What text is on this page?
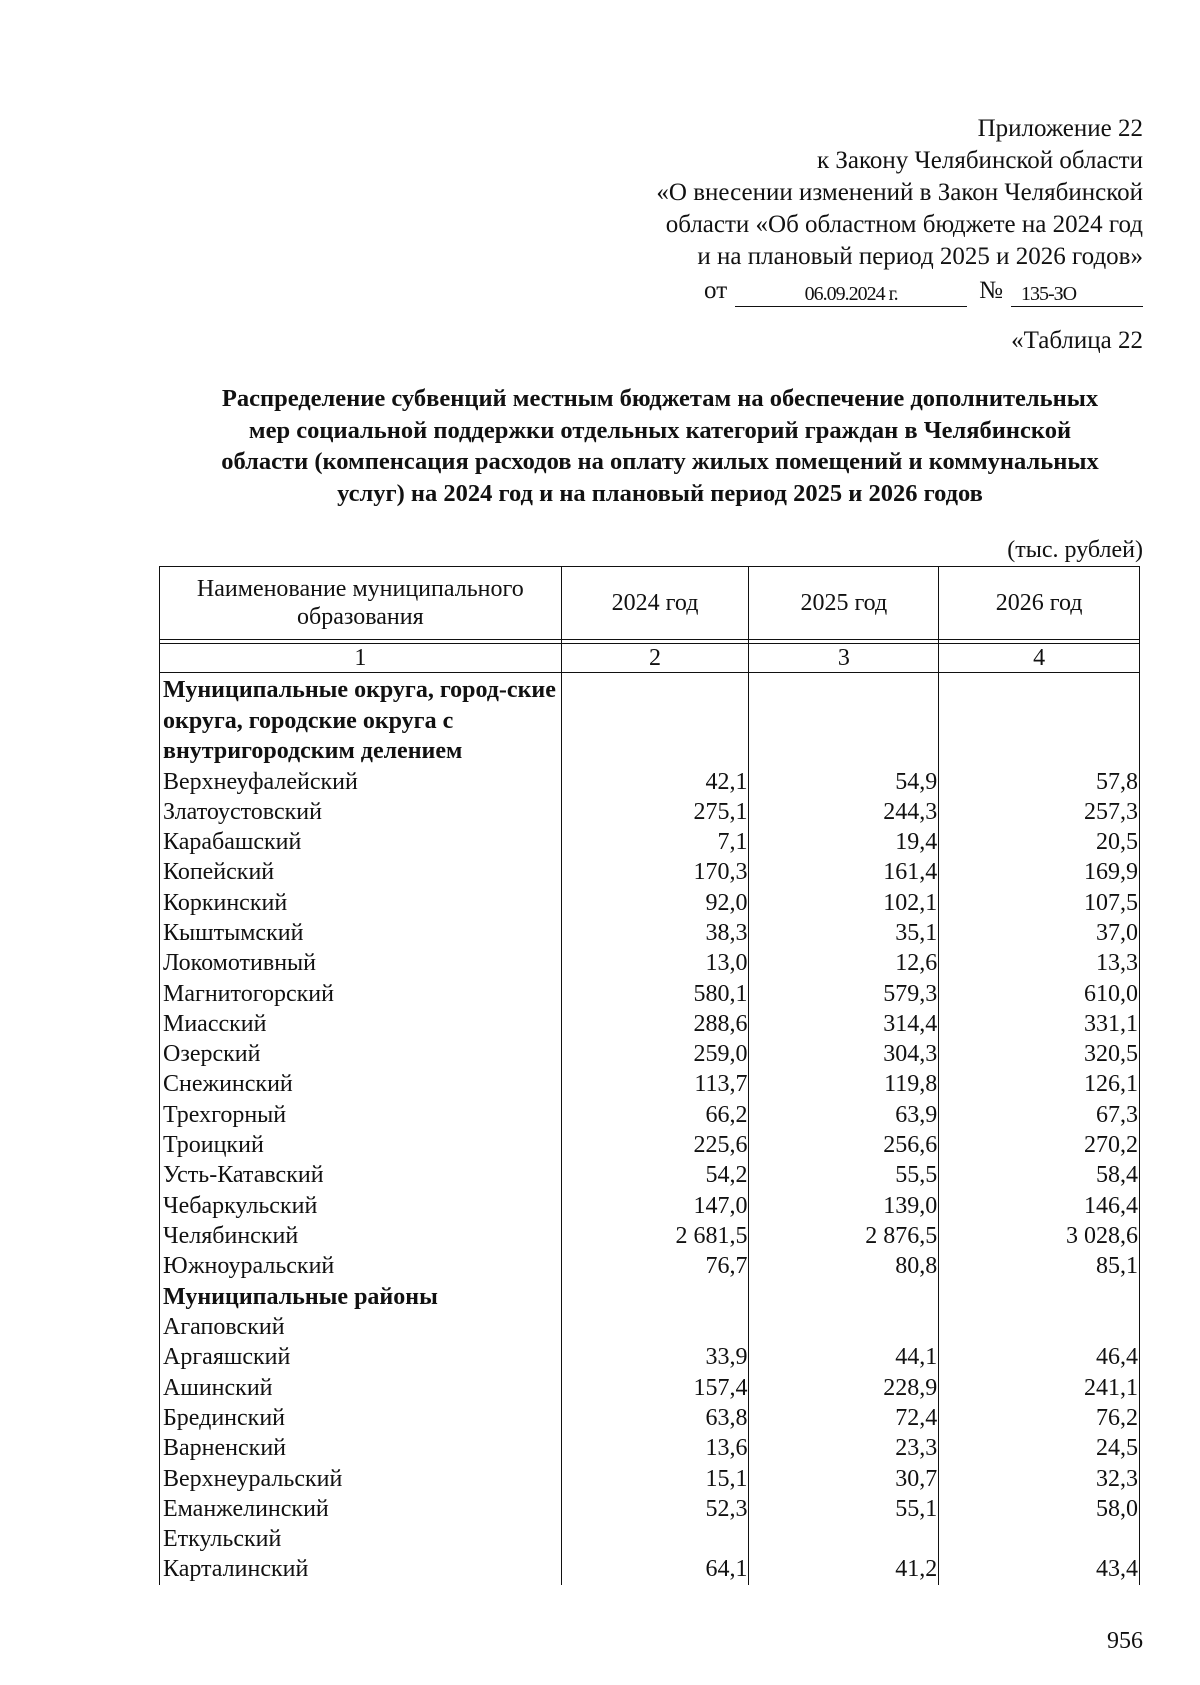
Приложение 22
к Закону Челябинской области
«О внесении изменений в Закон Челябинской
области «Об областном бюджете на 2024 год
и на плановый период 2025 и 2026 годов»
от	06.09.2024 г.	№ 135-ЗО
«Таблица 22
Распределение субвенций местным бюджетам на обеспечение дополнительных
мер социальной поддержки отдельных категорий граждан в Челябинской
области (компенсация расходов на оплату жилых помещений и коммунальных
услуг) на 2024 год и на плановый период 2025 и 2026 годов
(тыс. рублей)
Наименование муниципального образования	2024 год	2025 год	2026 год

1	2	3	4
Муниципальные округа, город-ские округа, городские округа с внутригородским делением			
Верхнеуфалейский	42,1	54,9	57,8
Златоустовский	275,1	244,3	257,3
Карабашский	7,1	19,4	20,5
Копейский	170,3	161,4	169,9
Коркинский	92,0	102,1	107,5
Кыштымский	38,3	35,1	37,0
Локомотивный	13,0	12,6	13,3
Магнитогорский	580,1	579,3	610,0
Миасский	288,6	314,4	331,1
Озерский	259,0	304,3	320,5
Снежинский	113,7	119,8	126,1
Трехгорный	66,2	63,9	67,3
Троицкий	225,6	256,6	270,2
Усть-Катавский	54,2	55,5	58,4
Чебаркульский	147,0	139,0	146,4
Челябинский	2 681,5	2 876,5	3 028,6
Южноуральский	76,7	80,8	85,1
Муниципальные районы			
Агаповский			
Аргаяшский	33,9	44,1	46,4
Ашинский	157,4	228,9	241,1
Брединский	63,8	72,4	76,2
Варненский	13,6	23,3	24,5
Верхнеуральский	15,1	30,7	32,3
Еманжелинский	52,3	55,1	58,0
Еткульский			
Карталинский	64,1	41,2	43,4
956
